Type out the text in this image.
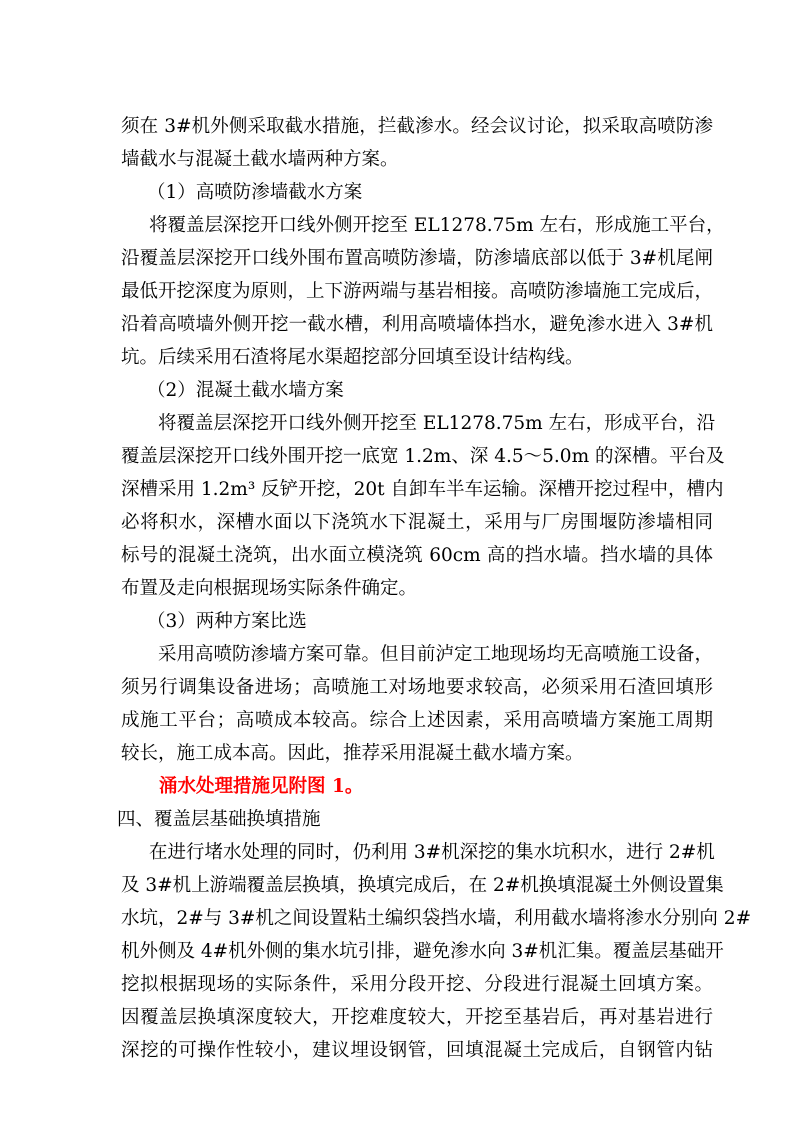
须在 3#机外侧采取截水措施，拦截渗水。经会议讨论，拟采取高喷防渗
墙截水与混凝土截水墙两种方案。
（1）高喷防渗墙截水方案
将覆盖层深挖开口线外侧开挖至 EL1278.75m 左右，形成施工平台，
沿覆盖层深挖开口线外围布置高喷防渗墙，防渗墙底部以低于 3#机尾闸
最低开挖深度为原则，上下游两端与基岩相接。高喷防渗墙施工完成后，
沿着高喷墙外侧开挖一截水槽，利用高喷墙体挡水，避免渗水进入 3#机
坑。后续采用石渣将尾水渠超挖部分回填至设计结构线。
（2）混凝土截水墙方案
将覆盖层深挖开口线外侧开挖至 EL1278.75m 左右，形成平台，沿
覆盖层深挖开口线外围开挖一底宽 1.2m、深 4.5～5.0m 的深槽。平台及
深槽采用 1.2m³ 反铲开挖，20t 自卸车半车运输。深槽开挖过程中，槽内
必将积水，深槽水面以下浇筑水下混凝土，采用与厂房围堰防渗墙相同
标号的混凝土浇筑，出水面立模浇筑 60cm 高的挡水墙。挡水墙的具体
布置及走向根据现场实际条件确定。
（3）两种方案比选
采用高喷防渗墙方案可靠。但目前泸定工地现场均无高喷施工设备，
须另行调集设备进场；高喷施工对场地要求较高，必须采用石渣回填形
成施工平台；高喷成本较高。综合上述因素，采用高喷墙方案施工周期
较长，施工成本高。因此，推荐采用混凝土截水墙方案。
涌水处理措施见附图 1。
四、覆盖层基础换填措施
在进行堵水处理的同时，仍利用 3#机深挖的集水坑积水，进行 2#机
及 3#机上游端覆盖层换填，换填完成后，在 2#机换填混凝土外侧设置集
水坑，2#与 3#机之间设置粘土编织袋挡水墙，利用截水墙将渗水分别向 2#
机外侧及 4#机外侧的集水坑引排，避免渗水向 3#机汇集。覆盖层基础开
挖拟根据现场的实际条件，采用分段开挖、分段进行混凝土回填方案。
因覆盖层换填深度较大，开挖难度较大，开挖至基岩后，再对基岩进行
深挖的可操作性较小，建议埋设钢管，回填混凝土完成后，自钢管内钻
